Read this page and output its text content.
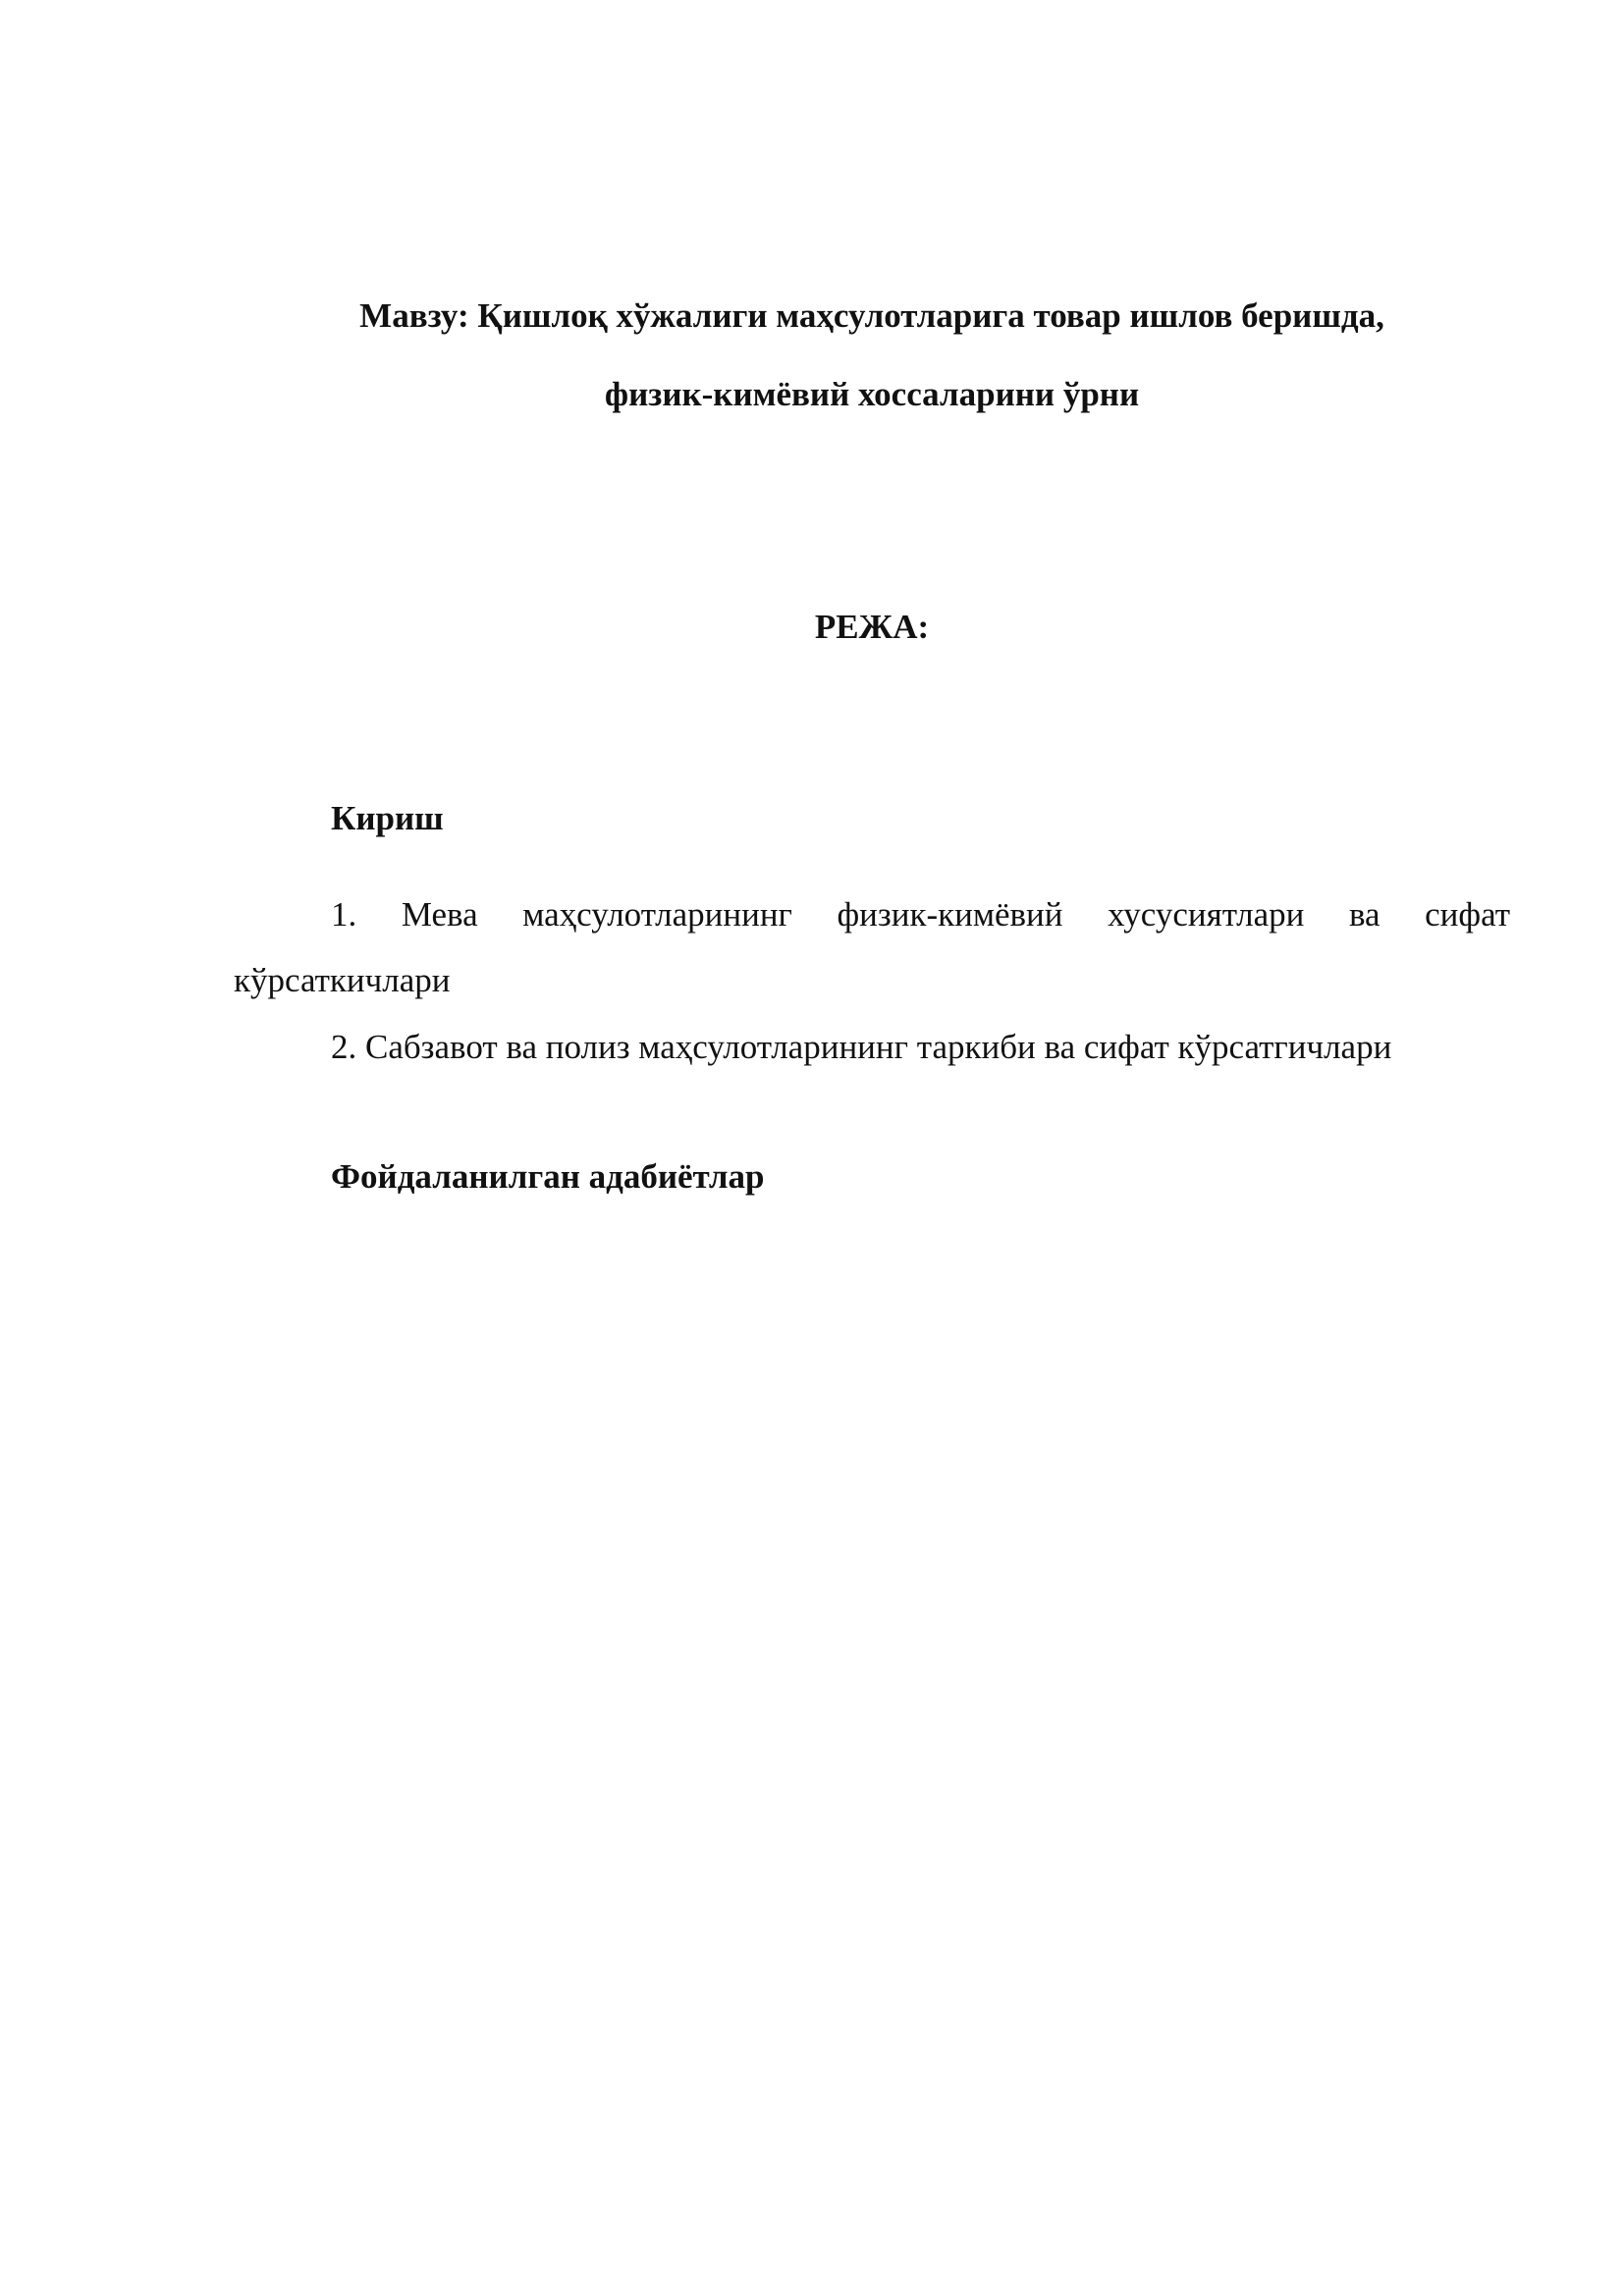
Мавзу: Қишлоқ хўжалиги маҳсулотларига товар ишлов беришда,
физик-кимёвий хоссаларини ўрни
РЕЖА:
Кириш
1. Мева маҳсулотларининг физик-кимёвий хусусиятлари ва сифат кўрсаткичлари
2. Сабзавот ва полиз маҳсулотларининг таркиби ва сифат кўрсатгичлари
Фойдаланилган адабиётлар
